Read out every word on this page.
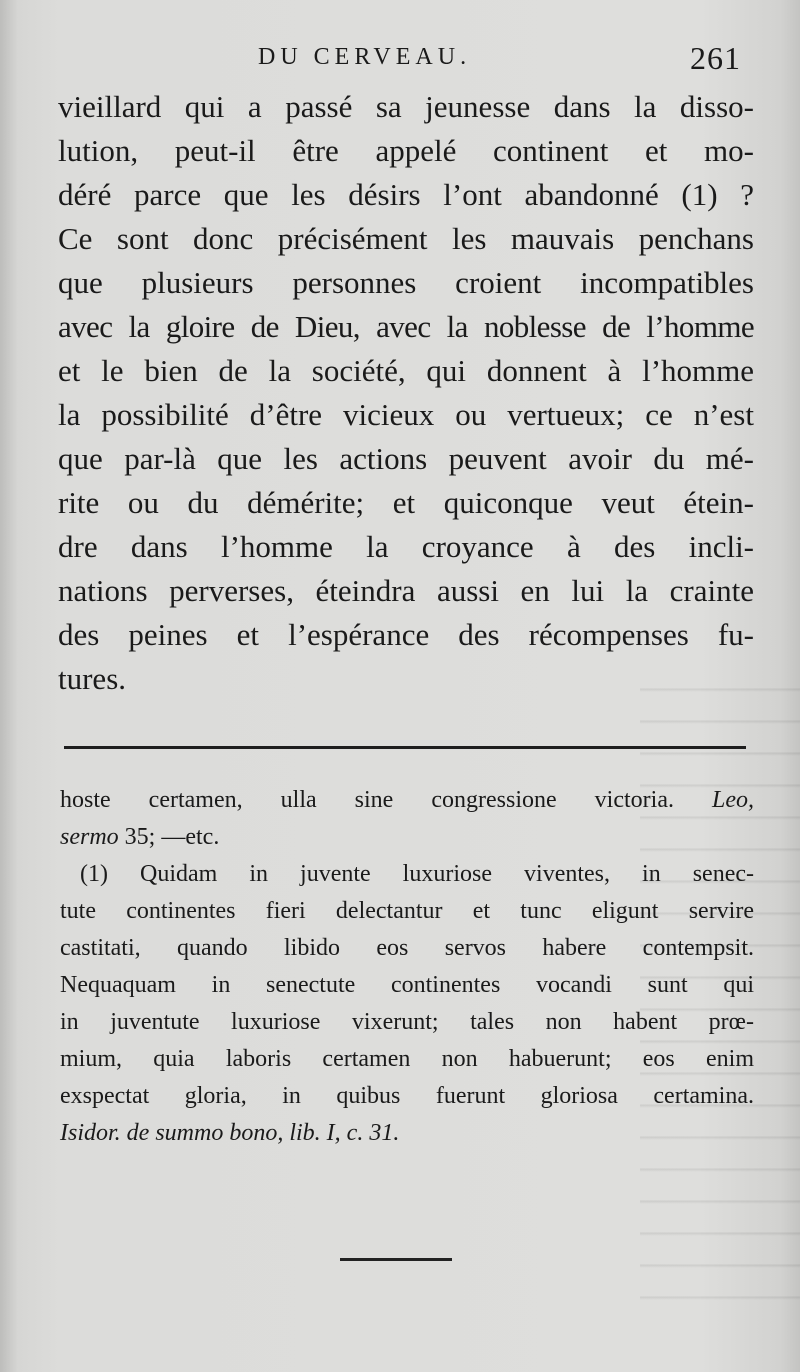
DU CERVEAU.	261
vieillard qui a passé sa jeunesse dans la disso-
lution, peut-il être appelé continent et mo-
déré parce que les désirs l’ont abandonné (1) ?
Ce sont donc précisément les mauvais penchans
que plusieurs personnes croient incompatibles
avec la gloire de Dieu, avec la noblesse de l’homme
et le bien de la société, qui donnent à l’homme
la possibilité d’être vicieux ou vertueux; ce n’est
que par-là que les actions peuvent avoir du mé-
rite ou du démérite; et quiconque veut étein-
dre dans l’homme la croyance à des incli-
nations perverses, éteindra aussi en lui la crainte
des peines et l’espérance des récompenses fu-
tures.
hoste certamen, ulla sine congressione victoria. Leo,
sermo 35; —etc.
(1) Quidam in juvente luxuriose viventes, in senec-
tute continentes fieri delectantur et tunc eligunt servire
castitati, quando libido eos servos habere contempsit.
Nequaquam in senectute continentes vocandi sunt qui
in juventute luxuriose vixerunt; tales non habent prœ-
mium, quia laboris certamen non habuerunt; eos enim
exspectat gloria, in quibus fuerunt gloriosa certamina.
Isidor. de summo bono, lib. I, c. 31.
